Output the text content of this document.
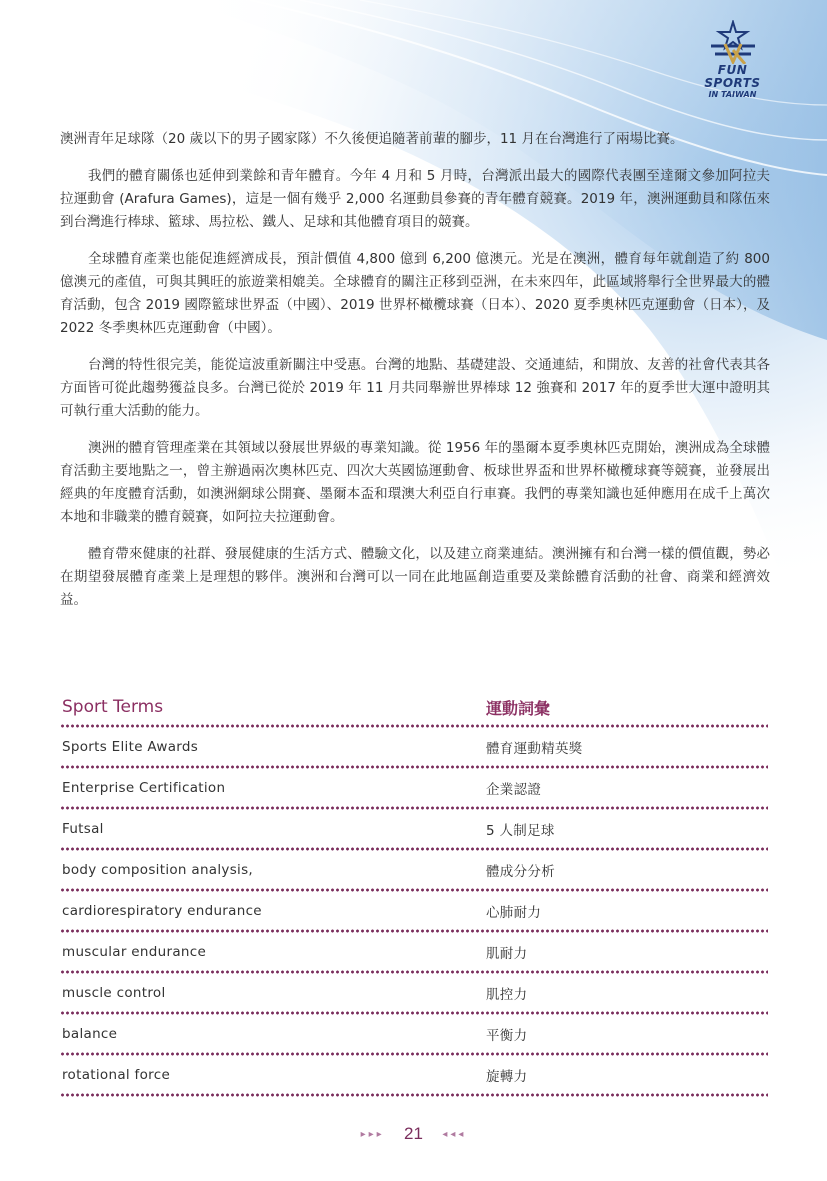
FUN SPORTS
IN TAIWAN

澳洲青年足球隊（20 歲以下的男子國家隊）不久後便追隨著前輩的腳步，11 月在台灣進行了兩場比賽。

我們的體育關係也延伸到業餘和青年體育。今年 4 月和 5 月時，台灣派出最大的國際代表團至達爾文參加阿拉夫拉運動會 (Arafura Games)，這是一個有幾乎 2,000 名運動員參賽的青年體育競賽。2019 年，澳洲運動員和隊伍來到台灣進行棒球、籃球、馬拉松、鐵人、足球和其他體育項目的競賽。

全球體育產業也能促進經濟成長，預計價值 4,800 億到 6,200 億澳元。光是在澳洲，體育每年就創造了約 800 億澳元的產值，可與其興旺的旅遊業相媲美。全球體育的關注正移到亞洲，在未來四年，此區域將舉行全世界最大的體育活動，包含 2019 國際籃球世界盃（中國）、2019 世界杯橄欖球賽（日本）、2020 夏季奧林匹克運動會（日本），及 2022 冬季奧林匹克運動會（中國）。

台灣的特性很完美，能從這波重新關注中受惠。台灣的地點、基礎建設、交通連結，和開放、友善的社會代表其各方面皆可從此趨勢獲益良多。台灣已從於 2019 年 11 月共同舉辦世界棒球 12 強賽和 2017 年的夏季世大運中證明其可執行重大活動的能力。

澳洲的體育管理產業在其領域以發展世界級的專業知識。從 1956 年的墨爾本夏季奧林匹克開始，澳洲成為全球體育活動主要地點之一，曾主辦過兩次奧林匹克、四次大英國協運動會、板球世界盃和世界杯橄欖球賽等競賽，並發展出經典的年度體育活動，如澳洲網球公開賽、墨爾本盃和環澳大利亞自行車賽。我們的專業知識也延伸應用在成千上萬次本地和非職業的體育競賽，如阿拉夫拉運動會。

體育帶來健康的社群、發展健康的生活方式、體驗文化，以及建立商業連結。澳洲擁有和台灣一樣的價值觀，勢必在期望發展體育產業上是理想的夥伴。澳洲和台灣可以一同在此地區創造重要及業餘體育活動的社會、商業和經濟效益。

Sport Terms	運動詞彙
Sports Elite Awards	體育運動精英獎
Enterprise Certification	企業認證
Futsal	5 人制足球
body composition analysis,	體成分分析
cardiorespiratory endurance	心肺耐力
muscular endurance	肌耐力
muscle control	肌控力
balance	平衡力
rotational force	旋轉力
▸▸▸ 21 ◂◂◂
